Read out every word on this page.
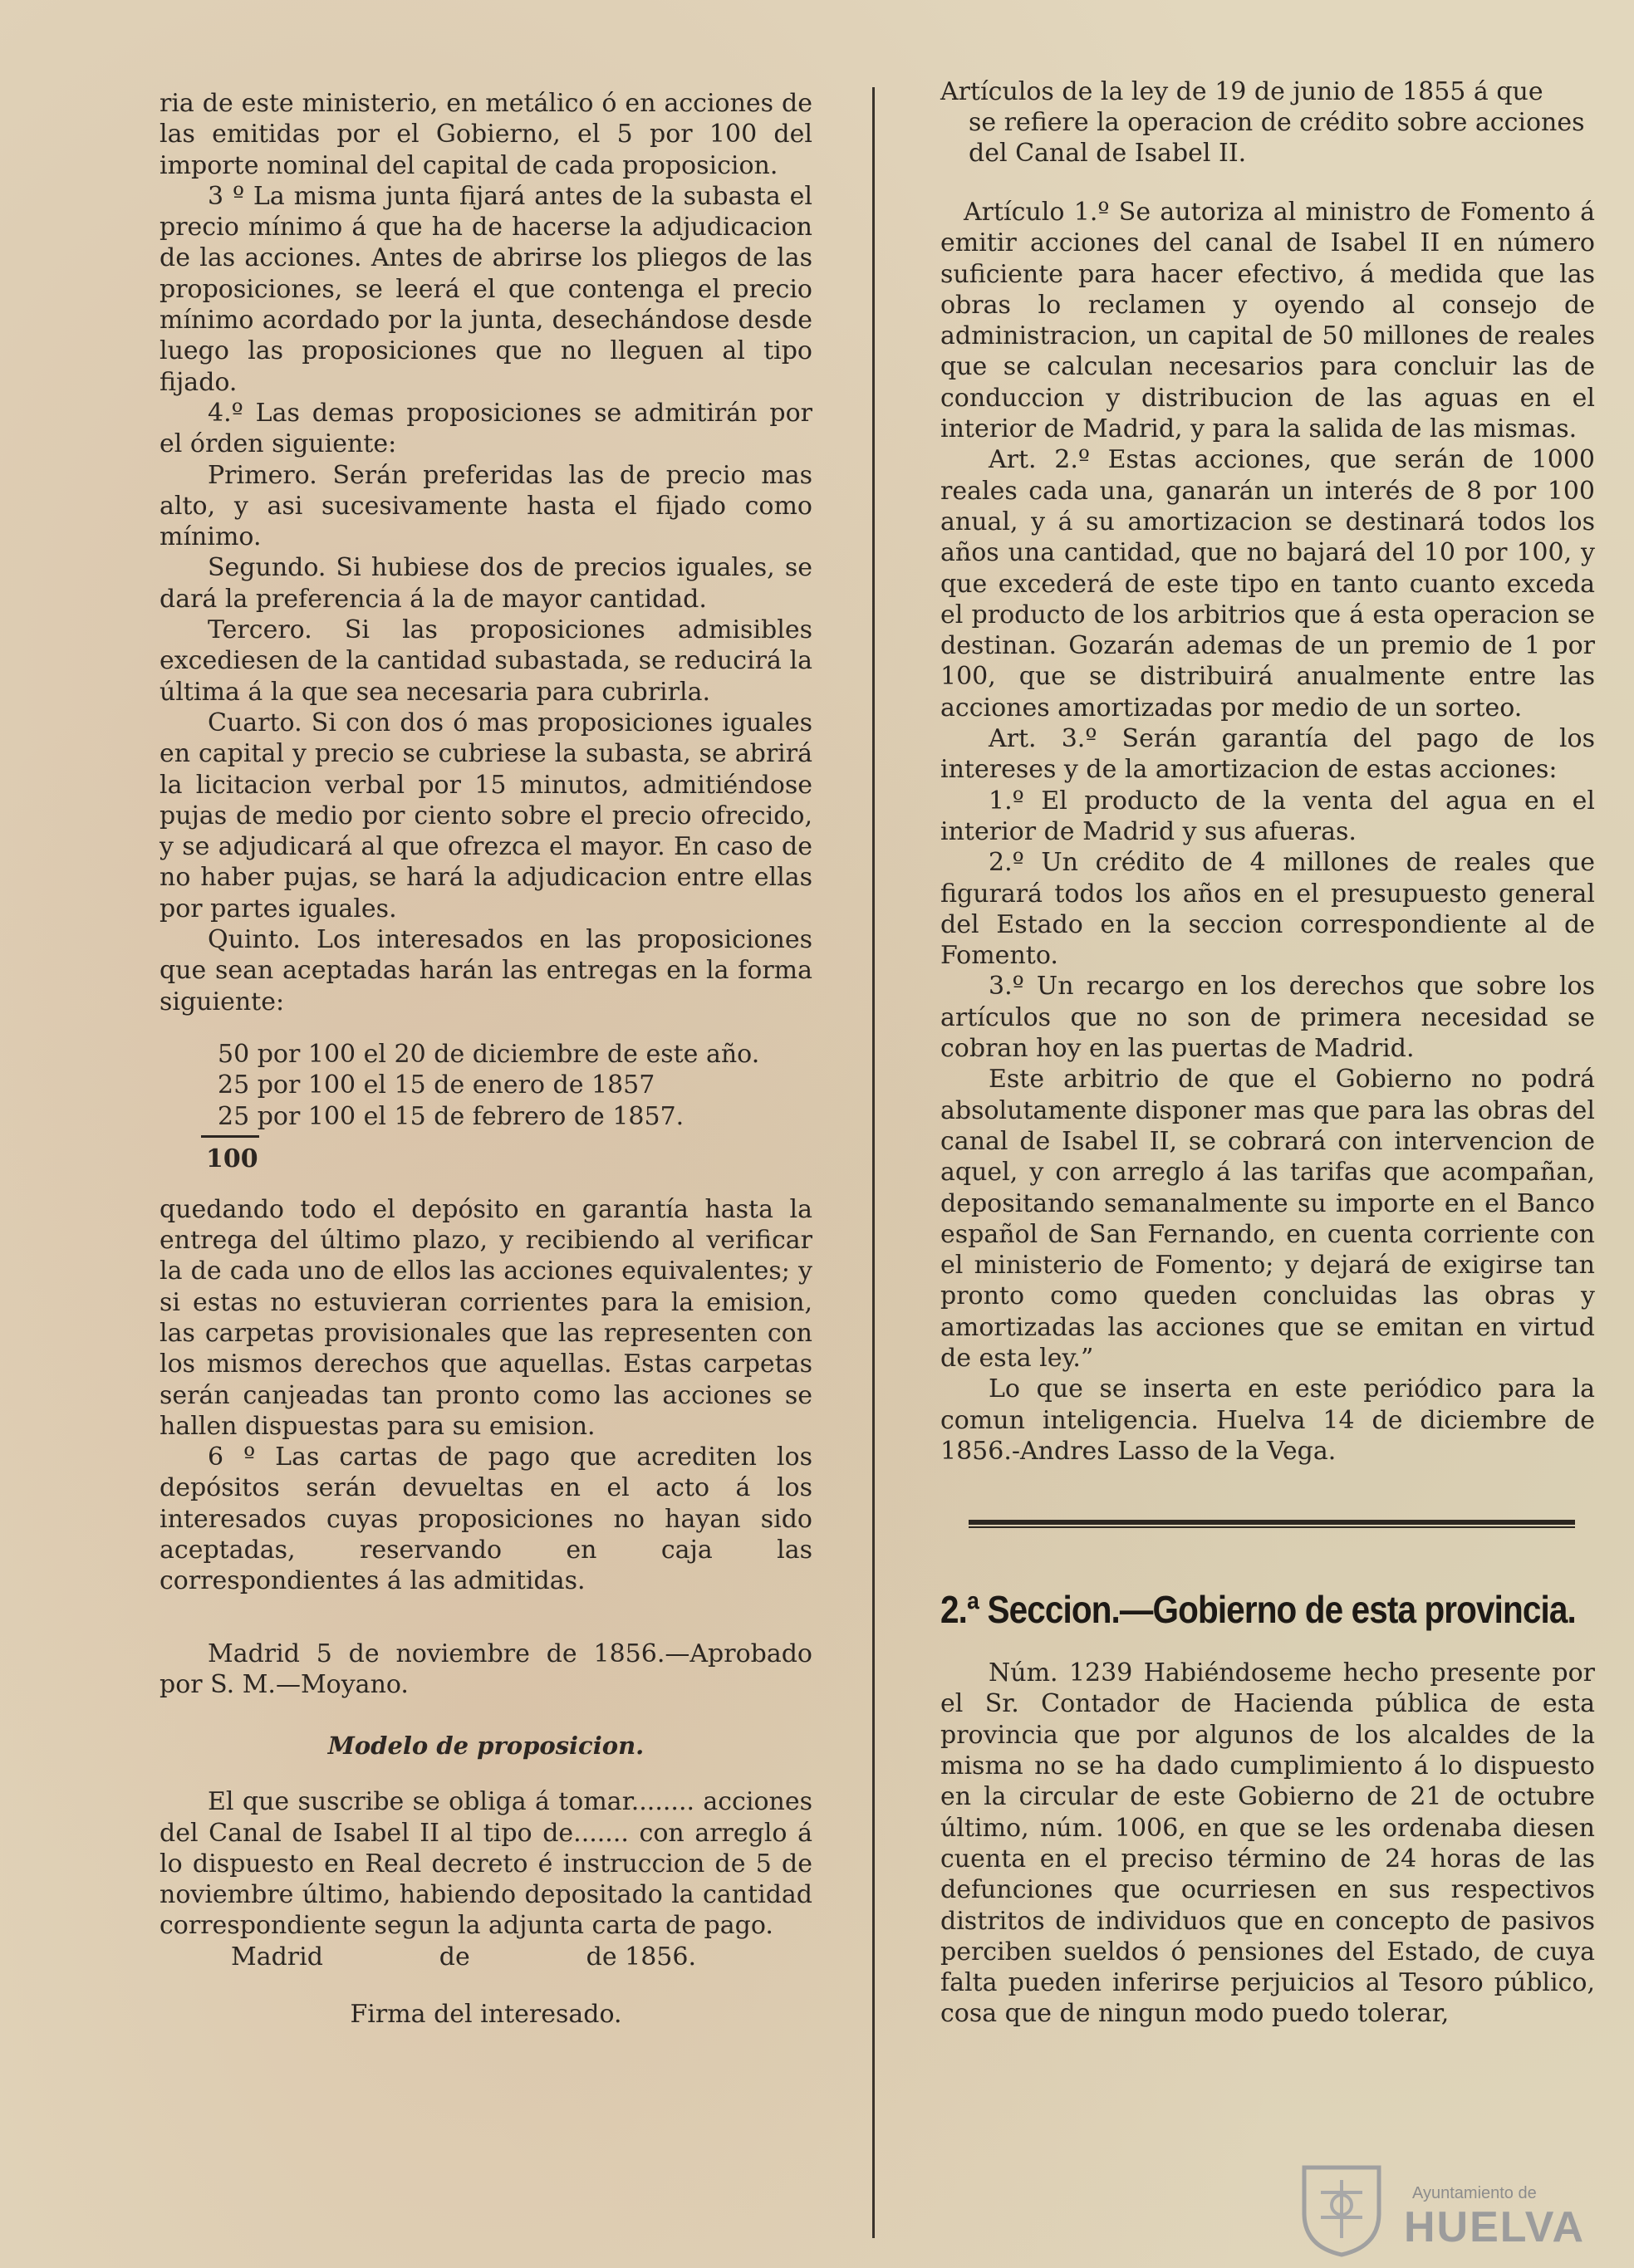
ria de este ministerio, en metálico ó en acciones de las emitidas por el Gobierno, el 5 por 100 del importe nominal del capital de cada proposicion.

3 º La misma junta fijará antes de la subasta el precio mínimo á que ha de hacerse la adjudicacion de las acciones. Antes de abrirse los pliegos de las proposiciones, se leerá el que contenga el precio mínimo acordado por la junta, desechándose desde luego las proposiciones que no lleguen al tipo fijado.

4.º Las demas proposiciones se admitirán por el órden siguiente:

Primero. Serán preferidas las de precio mas alto, y asi sucesivamente hasta el fijado como mínimo.

Segundo. Si hubiese dos de precios iguales, se dará la preferencia á la de mayor cantidad.

Tercero. Si las proposiciones admisibles excediesen de la cantidad subastada, se reducirá la última á la que sea necesaria para cubrirla.

Cuarto. Si con dos ó mas proposiciones iguales en capital y precio se cubriese la subasta, se abrirá la licitacion verbal por 15 minutos, admitiéndose pujas de medio por ciento sobre el precio ofrecido, y se adjudicará al que ofrezca el mayor. En caso de no haber pujas, se hará la adjudicacion entre ellas por partes iguales.

Quinto. Los interesados en las proposiciones que sean aceptadas harán las entregas en la forma siguiente:

50 por 100 el 20 de diciembre de este año.

25 por 100 el 15 de enero de 1857

25 por 100 el 15 de febrero de 1857.

100

quedando todo el depósito en garantía hasta la entrega del último plazo, y recibiendo al verificar la de cada uno de ellos las acciones equivalentes; y si estas no estuvieran corrientes para la emision, las carpetas provisionales que las representen con los mismos derechos que aquellas. Estas carpetas serán canjeadas tan pronto como las acciones se hallen dispuestas para su emision.

6 º Las cartas de pago que acrediten los depósitos serán devueltas en el acto á los interesados cuyas proposiciones no hayan sido aceptadas, reservando en caja las correspondientes á las admitidas.

Madrid 5 de noviembre de 1856.—Aprobado por S. M.—Moyano.

Modelo de proposicion.

El que suscribe se obliga á tomar........ acciones del Canal de Isabel II al tipo de....... con arreglo á lo dispuesto en Real decreto é instruccion de 5 de noviembre último, habiendo depositado la cantidad correspondiente segun la adjunta carta de pago.

Madrid	de	de 1856.

Firma del interesado.

Artículos de la ley de 19 de junio de 1855 á que
se refiere la operacion de crédito sobre acciones del Canal de Isabel II.

Artículo 1.º Se autoriza al ministro de Fomento á emitir acciones del canal de Isabel II en número suficiente para hacer efectivo, á medida que las obras lo reclamen y oyendo al consejo de administracion, un capital de 50 millones de reales que se calculan necesarios para concluir las de conduccion y distribucion de las aguas en el interior de Madrid, y para la salida de las mismas.

Art. 2.º Estas acciones, que serán de 1000 reales cada una, ganarán un interés de 8 por 100 anual, y á su amortizacion se destinará todos los años una cantidad, que no bajará del 10 por 100, y que excederá de este tipo en tanto cuanto exceda el producto de los arbitrios que á esta operacion se destinan. Gozarán ademas de un premio de 1 por 100, que se distribuirá anualmente entre las acciones amortizadas por medio de un sorteo.

Art. 3.º Serán garantía del pago de los intereses y de la amortizacion de estas acciones:

1.º El producto de la venta del agua en el interior de Madrid y sus afueras.

2.º Un crédito de 4 millones de reales que figurará todos los años en el presupuesto general del Estado en la seccion correspondiente al de Fomento.

3.º Un recargo en los derechos que sobre los artículos que no son de primera necesidad se cobran hoy en las puertas de Madrid.

Este arbitrio de que el Gobierno no podrá absolutamente disponer mas que para las obras del canal de Isabel II, se cobrará con intervencion de aquel, y con arreglo á las tarifas que acompañan, depositando semanalmente su importe en el Banco español de San Fernando, en cuenta corriente con el ministerio de Fomento; y dejará de exigirse tan pronto como queden concluidas las obras y amortizadas las acciones que se emitan en virtud de esta ley.”

Lo que se inserta en este periódico para la comun inteligencia. Huelva 14 de diciembre de 1856.-Andres Lasso de la Vega.

2.ª Seccion.—Gobierno de esta provincia.

Núm. 1239 Habiéndoseme hecho presente por el Sr. Contador de Hacienda pública de esta provincia que por algunos de los alcaldes de la misma no se ha dado cumplimiento á lo dispuesto en la circular de este Gobierno de 21 de octubre último, núm. 1006, en que se les ordenaba diesen cuenta en el preciso término de 24 horas de las defunciones que ocurriesen en sus respectivos distritos de individuos que en concepto de pasivos perciben sueldos ó pensiones del Estado, de cuya falta pueden inferirse perjuicios al Tesoro público, cosa que de ningun modo puedo tolerar,

Ayuntamiento de
HUELVA
